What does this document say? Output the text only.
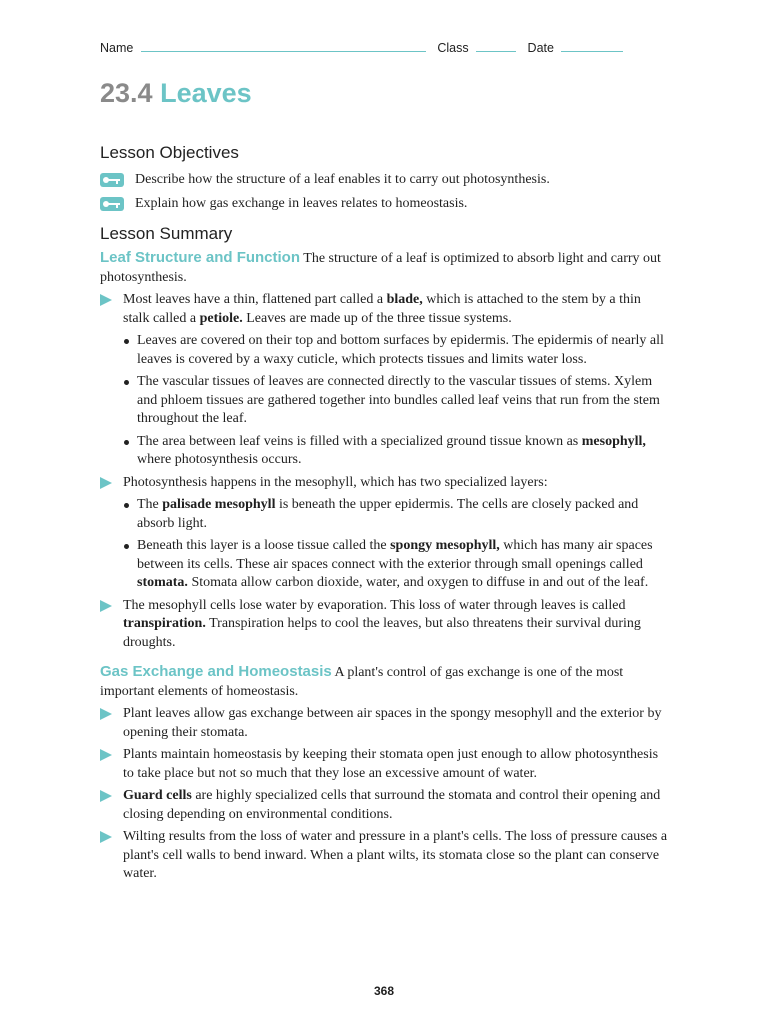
Name	Class	Date
23.4 Leaves
Lesson Objectives
Describe how the structure of a leaf enables it to carry out photosynthesis.
Explain how gas exchange in leaves relates to homeostasis.
Lesson Summary

Leaf Structure and Function The structure of a leaf is optimized to absorb light and carry out photosynthesis.

Most leaves have a thin, flattened part called a blade, which is attached to the stem by a thin stalk called a petiole. Leaves are made up of the three tissue systems.
Leaves are covered on their top and bottom surfaces by epidermis. The epidermis of nearly all leaves is covered by a waxy cuticle, which protects tissues and limits water loss.
The vascular tissues of leaves are connected directly to the vascular tissues of stems. Xylem and phloem tissues are gathered together into bundles called leaf veins that run from the stem throughout the leaf.
The area between leaf veins is filled with a specialized ground tissue known as mesophyll, where photosynthesis occurs.
Photosynthesis happens in the mesophyll, which has two specialized layers:
The palisade mesophyll is beneath the upper epidermis. The cells are closely packed and absorb light.
Beneath this layer is a loose tissue called the spongy mesophyll, which has many air spaces between its cells. These air spaces connect with the exterior through small openings called stomata. Stomata allow carbon dioxide, water, and oxygen to diffuse in and out of the leaf.
The mesophyll cells lose water by evaporation. This loss of water through leaves is called transpiration. Transpiration helps to cool the leaves, but also threatens their survival during droughts.

Gas Exchange and Homeostasis A plant's control of gas exchange is one of the most important elements of homeostasis.

Plant leaves allow gas exchange between air spaces in the spongy mesophyll and the exterior by opening their stomata.
Plants maintain homeostasis by keeping their stomata open just enough to allow photosynthesis to take place but not so much that they lose an excessive amount of water.
Guard cells are highly specialized cells that surround the stomata and control their opening and closing depending on environmental conditions.
Wilting results from the loss of water and pressure in a plant's cells. The loss of pressure causes a plant's cell walls to bend inward. When a plant wilts, its stomata close so the plant can conserve water.
368
